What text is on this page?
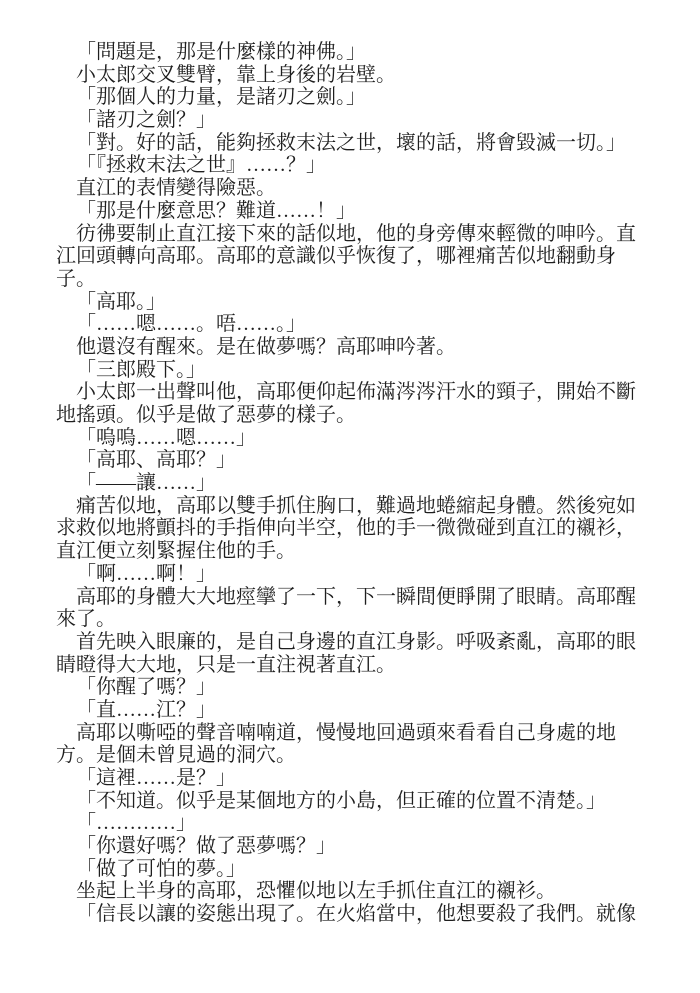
「問題是，那是什麼樣的神佛。」
小太郎交叉雙臂，靠上身後的岩壁。
「那個人的力量，是諸刃之劍。」
「諸刃之劍？」
「對。好的話，能夠拯救末法之世，壞的話，將會毀滅一切。」
「『拯救末法之世』……？」
直江的表情變得險惡。
「那是什麼意思？難道……！」
彷彿要制止直江接下來的話似地，他的身旁傳來輕微的呻吟。直
江回頭轉向高耶。高耶的意識似乎恢復了，哪裡痛苦似地翻動身
子。
「高耶。」
「……嗯……。唔……。」
他還沒有醒來。是在做夢嗎？高耶呻吟著。
「三郎殿下。」
小太郎一出聲叫他，高耶便仰起佈滿涔涔汗水的頸子，開始不斷
地搖頭。似乎是做了惡夢的樣子。
「嗚嗚……嗯……」
「高耶、高耶？」
「——讓……」
痛苦似地，高耶以雙手抓住胸口，難過地蜷縮起身體。然後宛如
求救似地將顫抖的手指伸向半空，他的手一微微碰到直江的襯衫，
直江便立刻緊握住他的手。
「啊……啊！」
高耶的身體大大地痙攣了一下，下一瞬間便睜開了眼睛。高耶醒
來了。
首先映入眼廉的，是自己身邊的直江身影。呼吸紊亂，高耶的眼
睛瞪得大大地，只是一直注視著直江。
「你醒了嗎？」
「直……江？」
高耶以嘶啞的聲音喃喃道，慢慢地回過頭來看看自己身處的地
方。是個未曾見過的洞穴。
「這裡……是？」
「不知道。似乎是某個地方的小島，但正確的位置不清楚。」
「…………」
「你還好嗎？做了惡夢嗎？」
「做了可怕的夢。」
坐起上半身的高耶，恐懼似地以左手抓住直江的襯衫。
「信長以讓的姿態出現了。在火焰當中，他想要殺了我們。就像
